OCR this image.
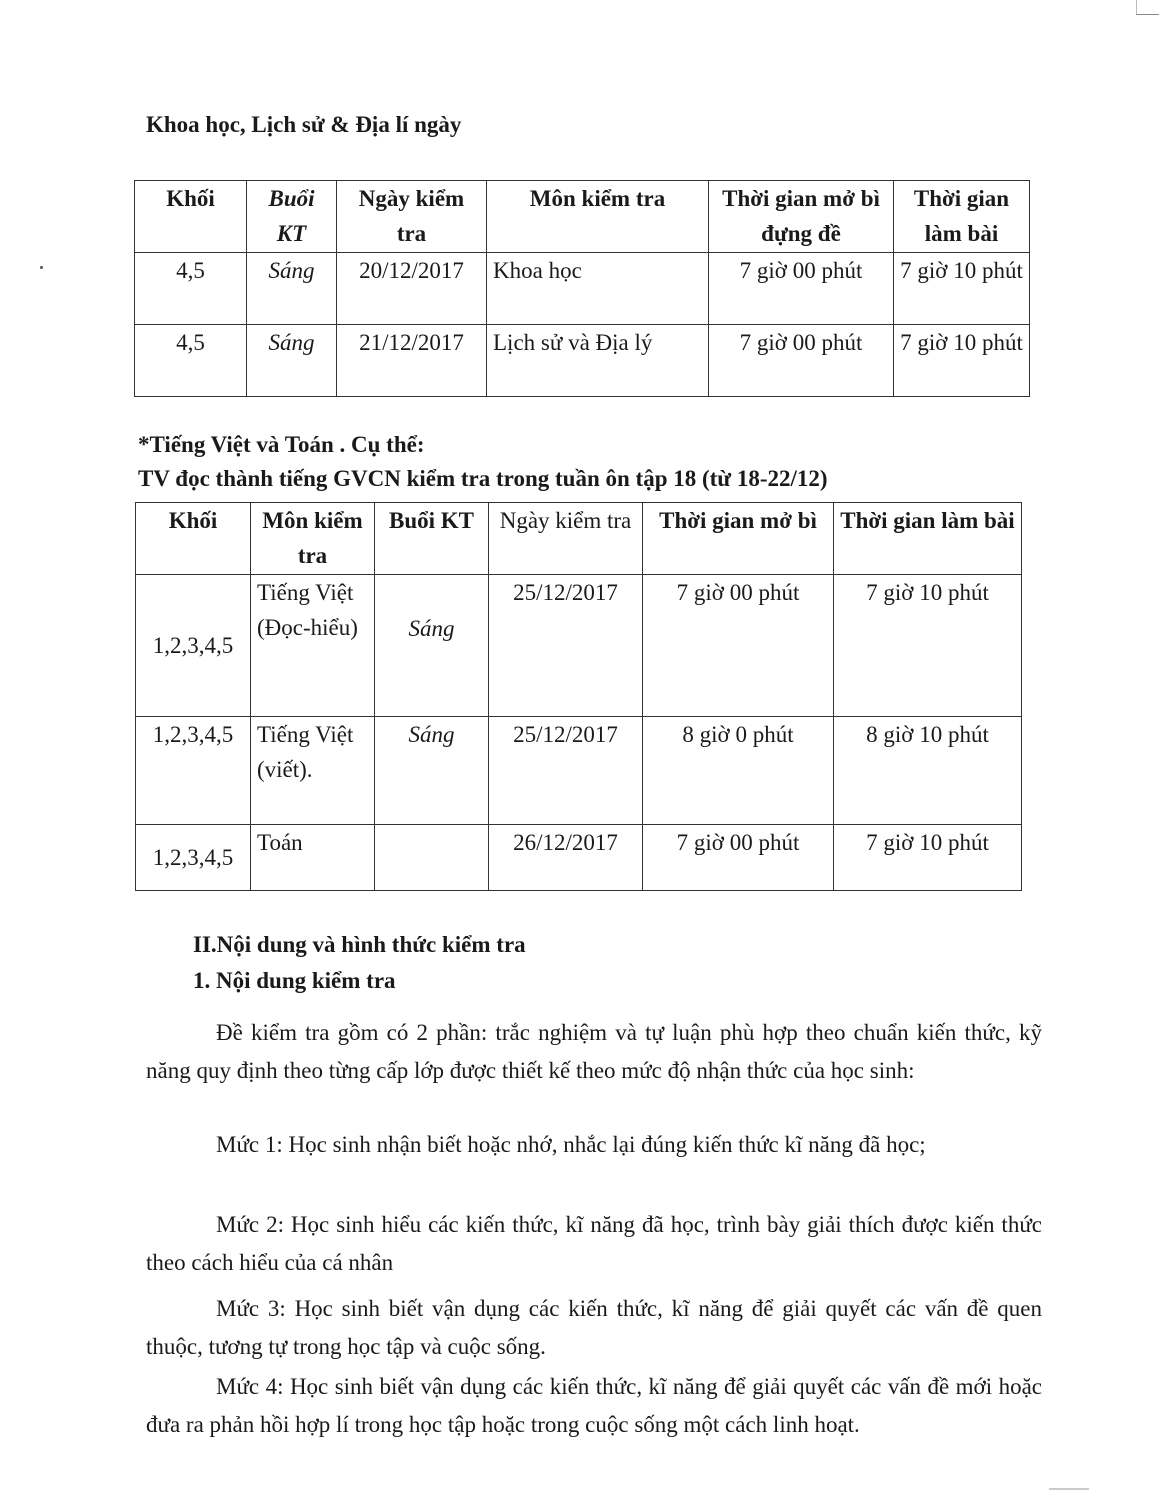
Khoa học, Lịch sử & Địa lí ngày
Khối	Buổi KT	Ngày kiểm tra	Môn kiểm tra	Thời gian mở bì đựng đề	Thời gian làm bài
4,5	Sáng	20/12/2017	Khoa học	7 giờ 00 phút	7 giờ 10 phút
4,5	Sáng	21/12/2017	Lịch sử và Địa lý	7 giờ 00 phút	7 giờ 10 phút
*Tiếng Việt và Toán . Cụ thể:
TV đọc thành tiếng GVCN kiểm tra trong tuần ôn tập 18 (từ 18-22/12)
Khối	Môn kiểm tra	Buổi KT	Ngày kiểm tra	Thời gian mở bì	Thời gian làm bài
1,2,3,4,5	Tiếng Việt (Đọc-hiểu)	Sáng	25/12/2017	7 giờ 00 phút	7 giờ 10 phút
1,2,3,4,5	Tiếng Việt (viết).	Sáng	25/12/2017	8 giờ 0 phút	8 giờ 10 phút
1,2,3,4,5	Toán		26/12/2017	7 giờ 00 phút	7 giờ 10 phút
II.Nội dung và hình thức kiểm tra
1. Nội dung kiểm tra

Đề kiểm tra gồm có 2 phần: trắc nghiệm và tự luận phù hợp theo chuẩn kiến thức, kỹ năng quy định theo từng cấp lớp được thiết kế theo mức độ nhận thức của học sinh:

Mức 1: Học sinh nhận biết hoặc nhớ, nhắc lại đúng kiến thức kĩ năng đã học;

Mức 2: Học sinh hiểu các kiến thức, kĩ năng đã học, trình bày giải thích được kiến thức theo cách hiểu của cá nhân

Mức 3: Học sinh biết vận dụng các kiến thức, kĩ năng để giải quyết các vấn đề quen thuộc, tương tự trong học tập và cuộc sống.

Mức 4: Học sinh biết vận dụng các kiến thức, kĩ năng để giải quyết các vấn đề mới hoặc đưa ra phản hồi hợp lí trong học tập hoặc trong cuộc sống một cách linh hoạt.
